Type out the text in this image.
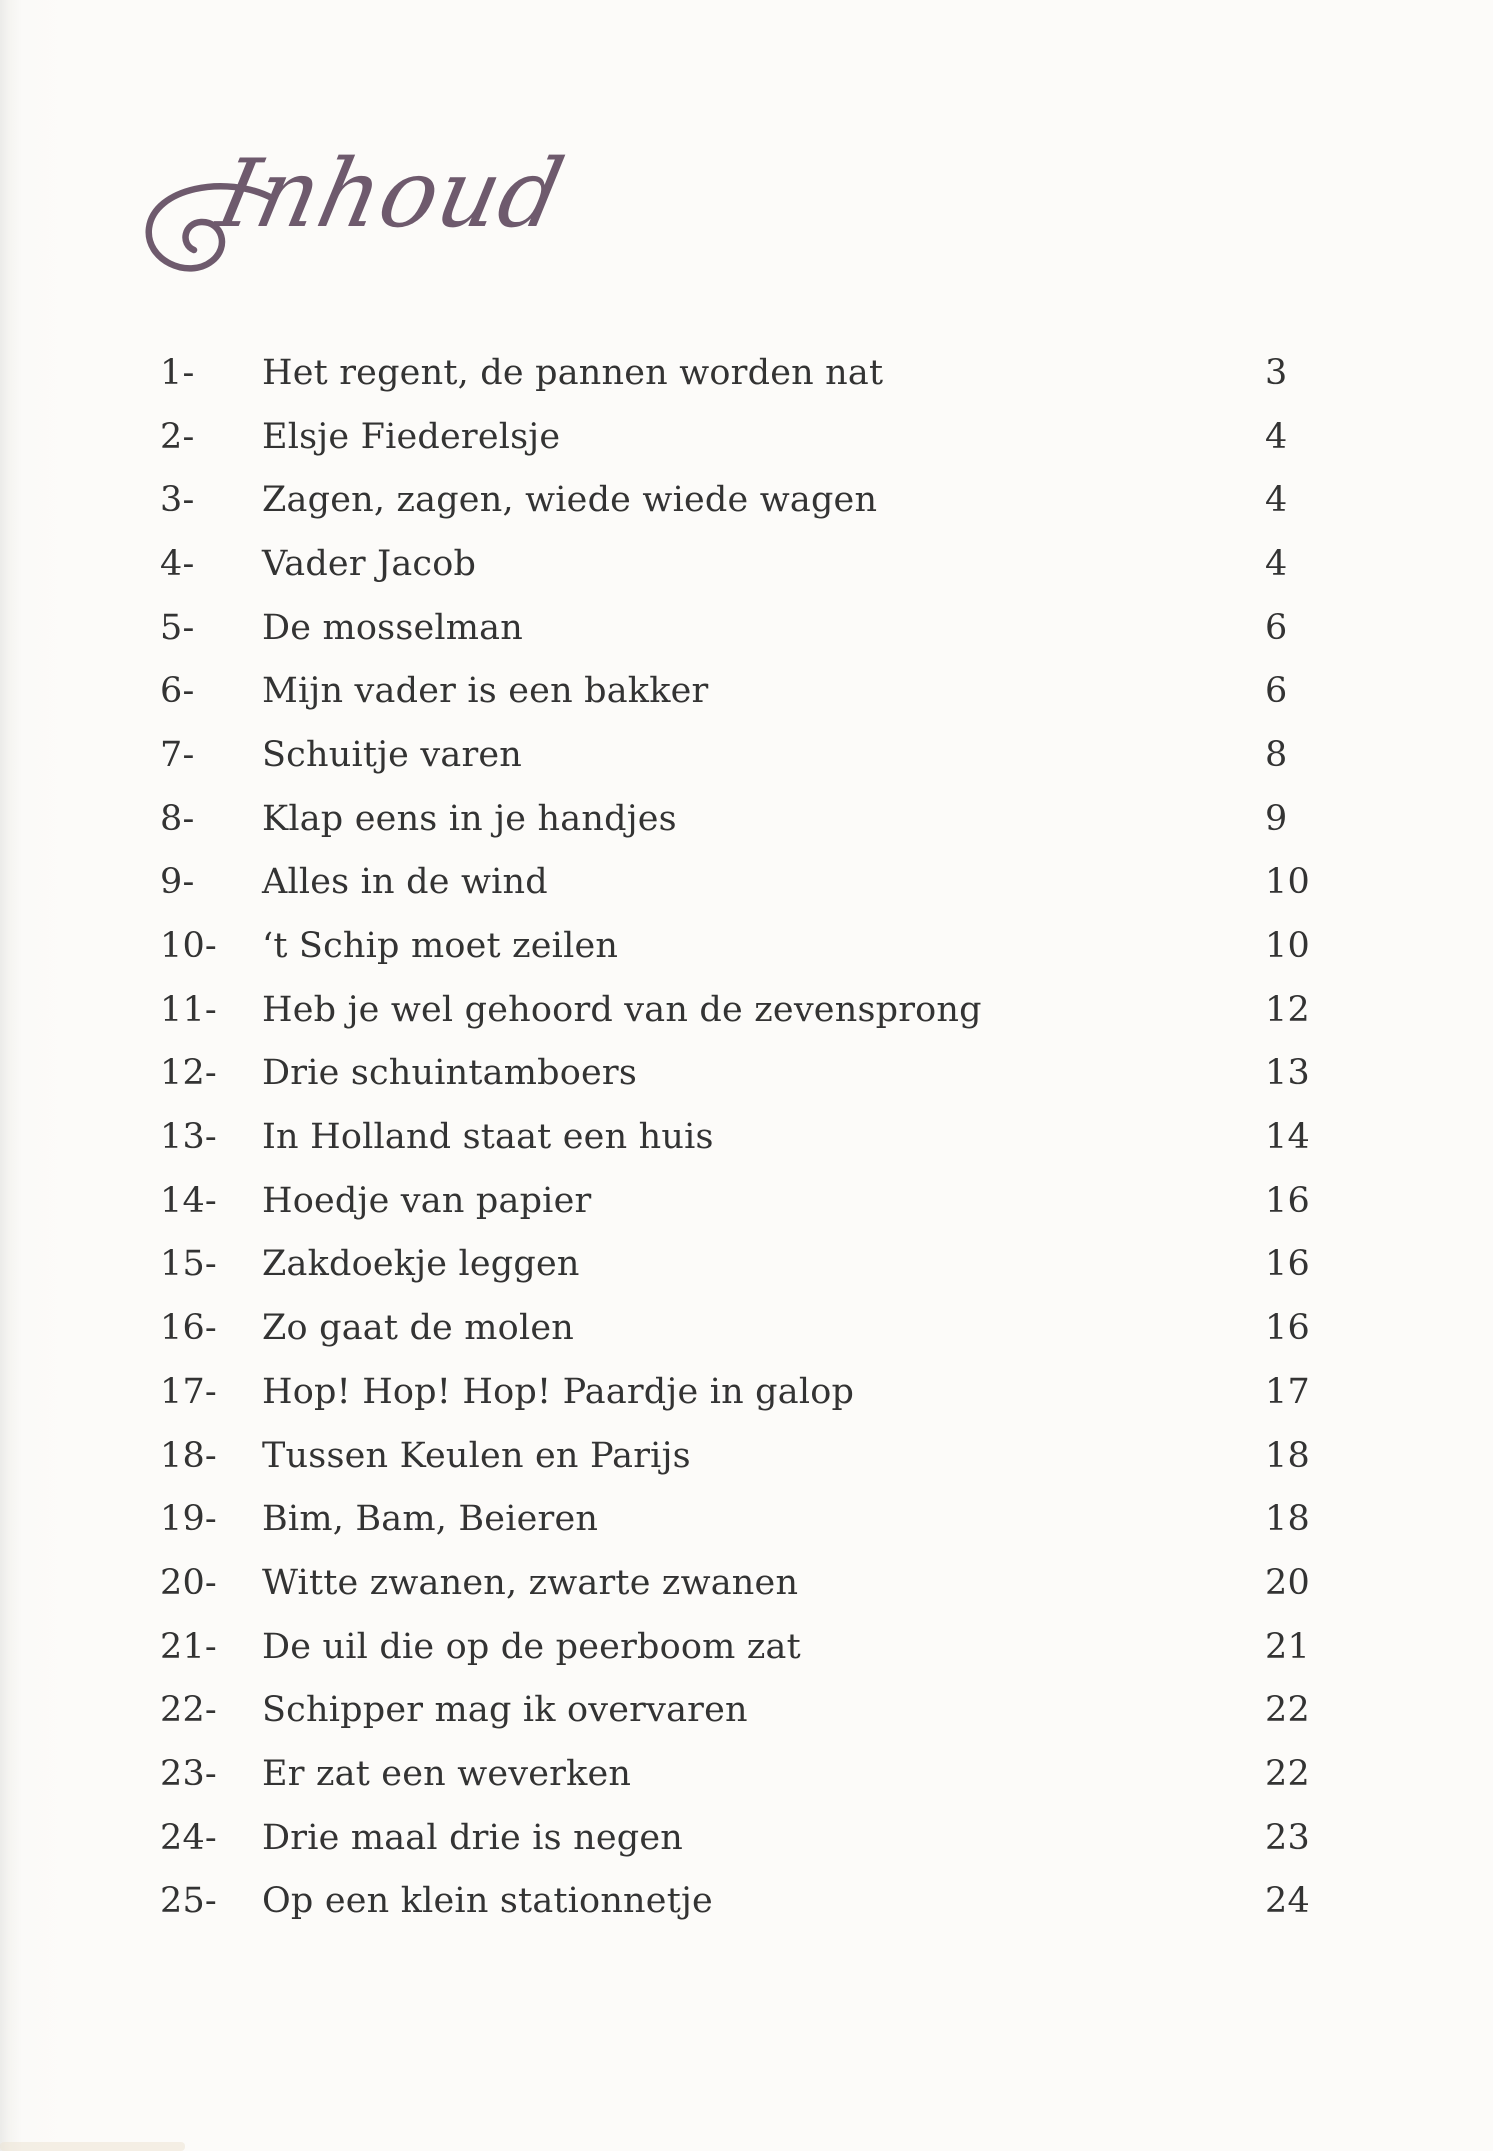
Inhoud
1-	Het regent, de pannen worden nat	3
2-	Elsje Fiederelsje	4
3-	Zagen, zagen, wiede wiede wagen	4
4-	Vader Jacob	4
5-	De mosselman	6
6-	Mijn vader is een bakker	6
7-	Schuitje varen	8
8-	Klap eens in je handjes	9
9-	Alles in de wind	10
10-	‘t Schip moet zeilen	10
11-	Heb je wel gehoord van de zevensprong	12
12-	Drie schuintamboers	13
13-	In Holland staat een huis	14
14-	Hoedje van papier	16
15-	Zakdoekje leggen	16
16-	Zo gaat de molen	16
17-	Hop! Hop! Hop! Paardje in galop	17
18-	Tussen Keulen en Parijs	18
19-	Bim, Bam, Beieren	18
20-	Witte zwanen, zwarte zwanen	20
21-	De uil die op de peerboom zat	21
22-	Schipper mag ik overvaren	22
23-	Er zat een weverken	22
24-	Drie maal drie is negen	23
25-	Op een klein stationnetje	24
